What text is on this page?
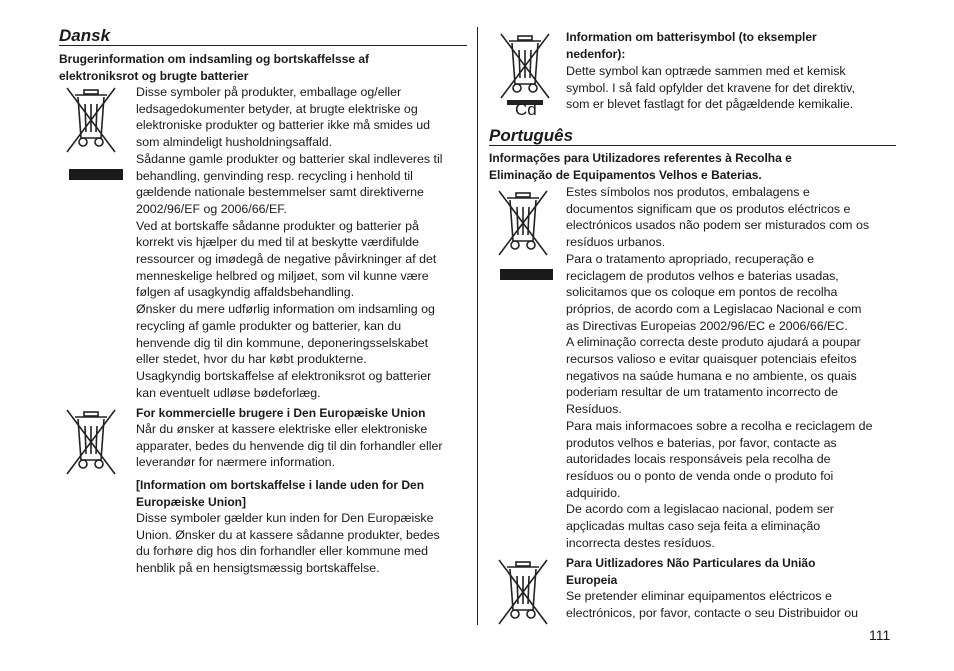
Dansk
Brugerinformation om indsamling og bortskaffelsse af
elektroniksrot og brugte batterier
Disse symboler på produkter, emballage og/eller
ledsagedokumenter betyder, at brugte elektriske og
elektroniske produkter og batterier ikke må smides ud
som almindeligt husholdningsaffald.
Sådanne gamle produkter og batterier skal indleveres til
behandling, genvinding resp. recycling i henhold til
gældende nationale bestemmelser samt direktiverne
2002/96/EF og 2006/66/EF.
Ved at bortskaffe sådanne produkter og batterier på
korrekt vis hjælper du med til at beskytte værdifulde
ressourcer og imødegå de negative påvirkninger af det
menneskelige helbred og miljøet, som vil kunne være
følgen af usagkyndig affaldsbehandling.
Ønsker du mere udførlig information om indsamling og
recycling af gamle produkter og batterier, kan du
henvende dig til din kommune, deponeringsselskabet
eller stedet, hvor du har købt produkterne.
Usagkyndig bortskaffelse af elektroniksrot og batterier
kan eventuelt udløse bødeforlæg.
For kommercielle brugere i Den Europæiske Union
Når du ønsker at kassere elektriske eller elektroniske
apparater, bedes du henvende dig til din forhandler eller
leverandør for nærmere information.
[Information om bortskaffelse i lande uden for Den
Europæiske Union]
Disse symboler gælder kun inden for Den Europæiske
Union. Ønsker du at kassere sådanne produkter, bedes
du forhøre dig hos din forhandler eller kommune med
henblik på en hensigtsmæssig bortskaffelse.
Cd
Information om batterisymbol (to eksempler
nedenfor):
Dette symbol kan optræde sammen med et kemisk
symbol. I så fald opfylder det kravene for det direktiv,
som er blevet fastlagt for det pågældende kemikalie.
Português
Informações para Utilizadores referentes à Recolha e
Eliminação de Equipamentos Velhos e Baterias.
Estes símbolos nos produtos, embalagens e
documentos significam que os produtos eléctricos e
electrónicos usados não podem ser misturados com os
resíduos urbanos.
Para o tratamento apropriado, recuperação e
reciclagem de produtos velhos e baterias usadas,
solicitamos que os coloque em pontos de recolha
próprios, de acordo com a Legislacao Nacional e com
as Directivas Europeias 2002/96/EC e 2006/66/EC.
A eliminação correcta deste produto ajudará a poupar
recursos valioso e evitar quaisquer potenciais efeitos
negativos na saúde humana e no ambiente, os quais
poderiam resultar de um tratamento incorrecto de
Resíduos.
Para mais informacoes sobre a recolha e reciclagem de
produtos velhos e baterias, por favor, contacte as
autoridades locais responsáveis pela recolha de
resíduos ou o ponto de venda onde o produto foi
adquirido.
De acordo com a legislacao nacional, podem ser
apçlicadas multas caso seja feita a eliminação
incorrecta destes resíduos.
Para Uitlizadores Não Particulares da União
Europeia
Se pretender eliminar equipamentos eléctricos e
electrónicos, por favor, contacte o seu Distribuidor ou
111
